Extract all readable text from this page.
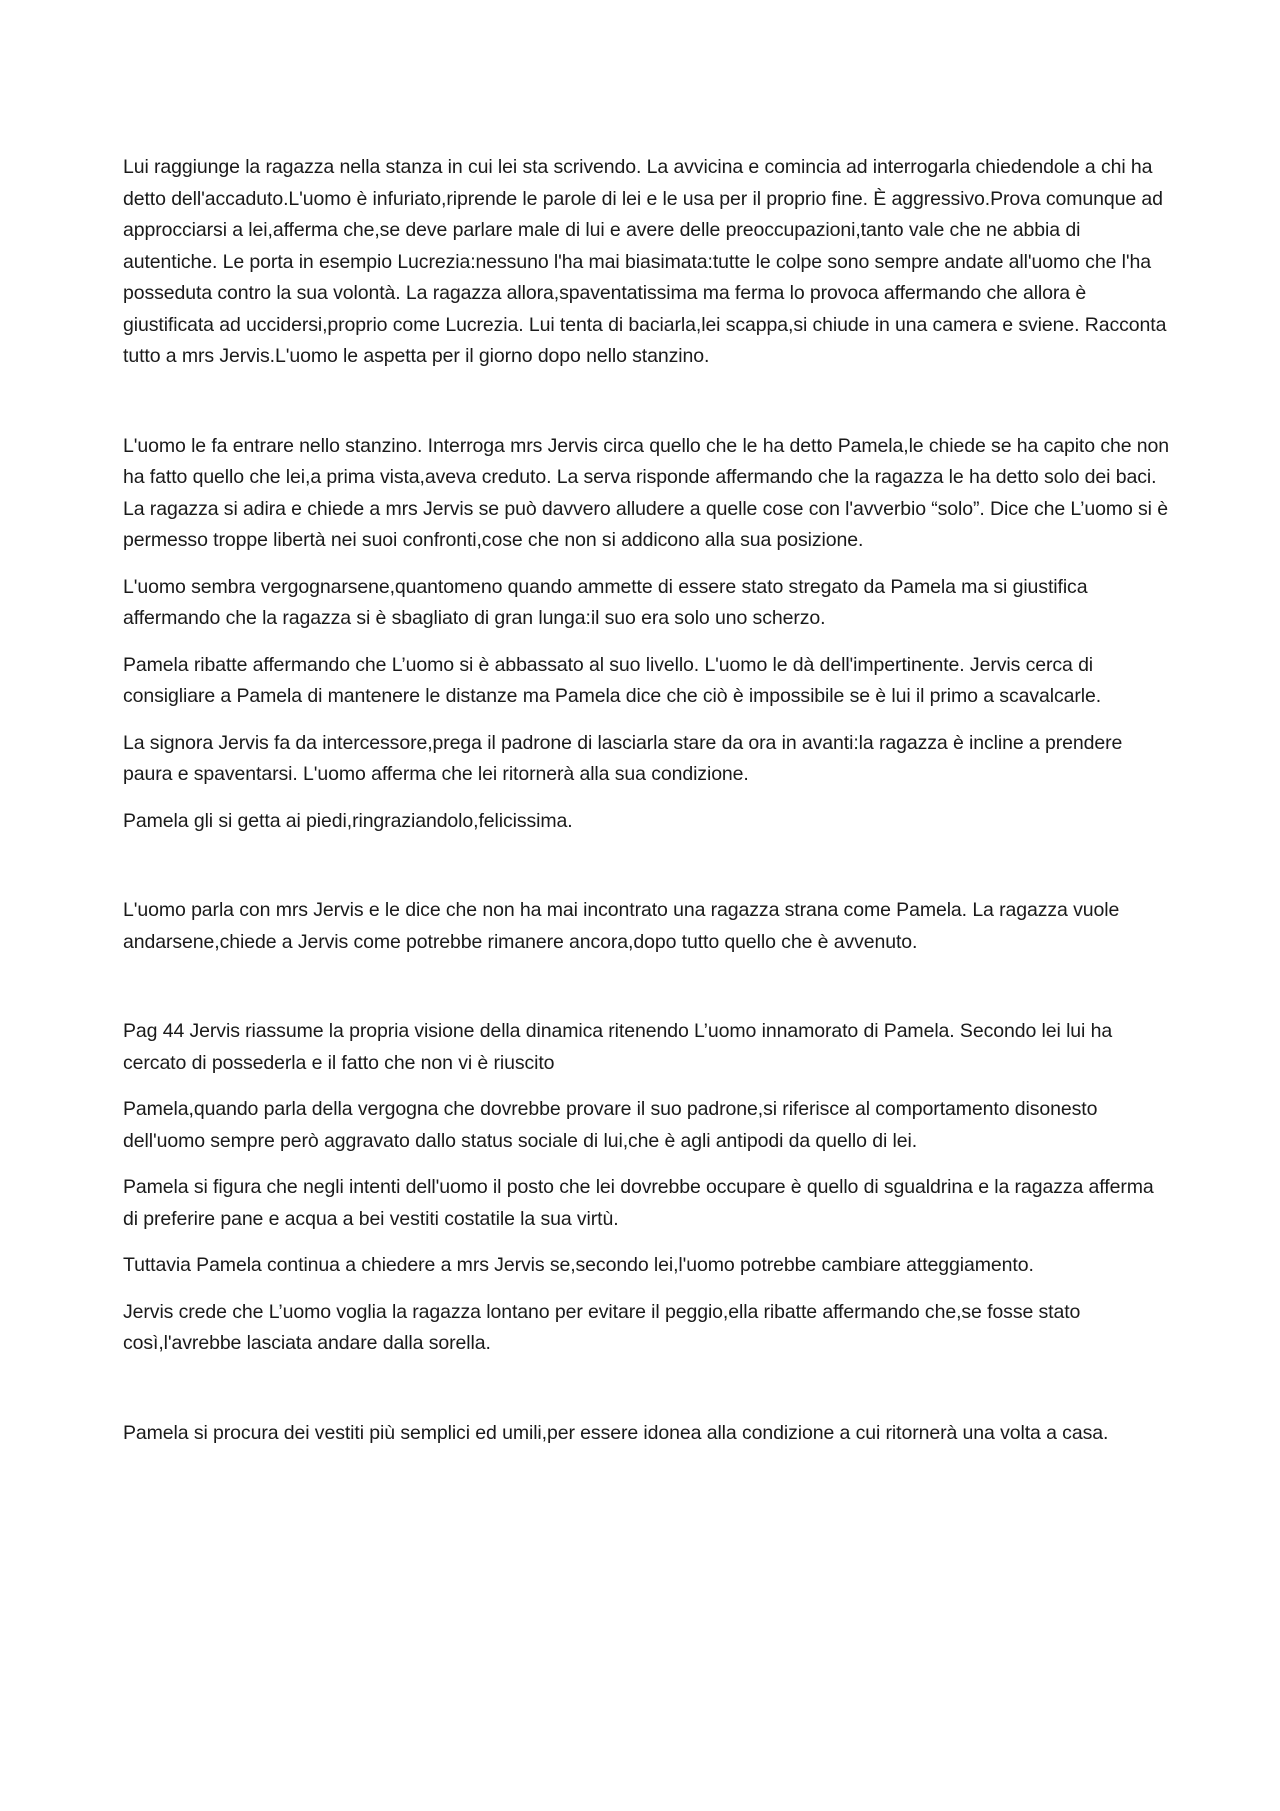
Lui raggiunge la ragazza nella stanza in cui lei sta scrivendo. La avvicina e comincia ad interrogarla chiedendole a chi ha detto dell'accaduto.L'uomo è infuriato,riprende le parole di lei e le usa per il proprio fine. È aggressivo.Prova comunque ad approcciarsi a lei,afferma che,se deve parlare male di lui e avere delle preoccupazioni,tanto vale che ne abbia di autentiche. Le porta in esempio Lucrezia:nessuno l'ha mai biasimata:tutte le colpe sono sempre andate all'uomo che l'ha posseduta contro la sua volontà. La ragazza allora,spaventatissima ma ferma lo provoca affermando che allora è giustificata ad uccidersi,proprio come Lucrezia. Lui tenta di baciarla,lei scappa,si chiude in una camera e sviene. Racconta tutto a mrs Jervis.L'uomo le aspetta per il giorno dopo nello stanzino.

L'uomo le fa entrare nello stanzino. Interroga mrs Jervis circa quello che le ha detto Pamela,le chiede se ha capito che non ha fatto quello che lei,a prima vista,aveva creduto. La serva risponde affermando che la ragazza le ha detto solo dei baci. La ragazza si adira e chiede a mrs Jervis se può davvero alludere a quelle cose con l'avverbio “solo”. Dice che L’uomo si è permesso troppe libertà nei suoi confronti,cose che non si addicono alla sua posizione.

L'uomo sembra vergognarsene,quantomeno quando ammette di essere stato stregato da Pamela ma si giustifica affermando che la ragazza si è sbagliato di gran lunga:il suo era solo uno scherzo.

Pamela ribatte affermando che L’uomo si è abbassato al suo livello. L'uomo le dà dell'impertinente. Jervis cerca di consigliare a Pamela di mantenere le distanze ma Pamela dice che ciò è impossibile se è lui il primo a scavalcarle.

La signora Jervis fa da intercessore,prega il padrone di lasciarla stare da ora in avanti:la ragazza è incline a prendere paura e spaventarsi. L'uomo afferma che lei ritornerà alla sua condizione.

Pamela gli si getta ai piedi,ringraziandolo,felicissima.

L'uomo parla con mrs Jervis e le dice che non ha mai incontrato una ragazza strana come Pamela. La ragazza vuole andarsene,chiede a Jervis come potrebbe rimanere ancora,dopo tutto quello che è avvenuto.

Pag 44 Jervis riassume la propria visione della dinamica ritenendo L’uomo innamorato di Pamela. Secondo lei lui ha cercato di possederla e il fatto che non vi è riuscito

Pamela,quando parla della vergogna che dovrebbe provare il suo padrone,si riferisce al comportamento disonesto dell'uomo sempre però aggravato dallo status sociale di lui,che è agli antipodi da quello di lei.

Pamela si figura che negli intenti dell'uomo il posto che lei dovrebbe occupare è quello di sgualdrina e la ragazza afferma di preferire pane e acqua a bei vestiti costatile la sua virtù.

Tuttavia Pamela continua a chiedere a mrs Jervis se,secondo lei,l'uomo potrebbe cambiare atteggiamento.

Jervis crede che L’uomo voglia la ragazza lontano per evitare il peggio,ella ribatte affermando che,se fosse stato così,l'avrebbe lasciata andare dalla sorella.

Pamela si procura dei vestiti più semplici ed umili,per essere idonea alla condizione a cui ritornerà una volta a casa.
